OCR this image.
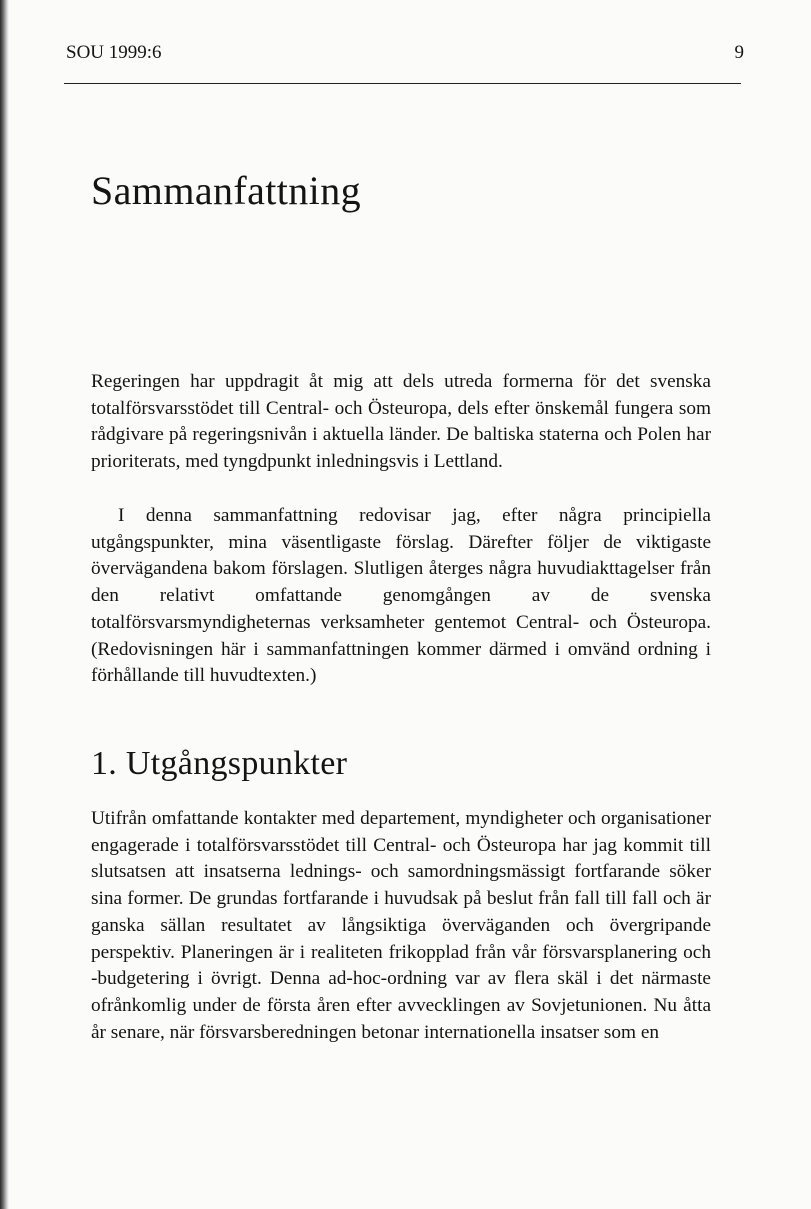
SOU 1999:6	9
Sammanfattning

Regeringen har uppdragit åt mig att dels utreda formerna för det svenska totalförsvarsstödet till Central- och Östeuropa, dels efter önskemål fungera som rådgivare på regeringsnivån i aktuella länder. De baltiska staterna och Polen har prioriterats, med tyngdpunkt inledningsvis i Lettland.

I denna sammanfattning redovisar jag, efter några principiella utgångspunkter, mina väsentligaste förslag. Därefter följer de viktigaste övervägandena bakom förslagen. Slutligen återges några huvudiakttagelser från den relativt omfattande genomgången av de svenska totalförsvarsmyndigheternas verksamheter gentemot Central- och Östeuropa. (Redovisningen här i sammanfattningen kommer därmed i omvänd ordning i förhållande till huvudtexten.)

1. Utgångspunkter

Utifrån omfattande kontakter med departement, myndigheter och organisationer engagerade i totalförsvarsstödet till Central- och Östeuropa har jag kommit till slutsatsen att insatserna lednings- och samordningsmässigt fortfarande söker sina former. De grundas fortfarande i huvudsak på beslut från fall till fall och är ganska sällan resultatet av långsiktiga överväganden och övergripande perspektiv. Planeringen är i realiteten frikopplad från vår försvarsplanering och -budgetering i övrigt. Denna ad-hoc-ordning var av flera skäl i det närmaste ofrånkomlig under de första åren efter avvecklingen av Sovjetunionen. Nu åtta år senare, när försvarsberedningen betonar internationella insatser som en
